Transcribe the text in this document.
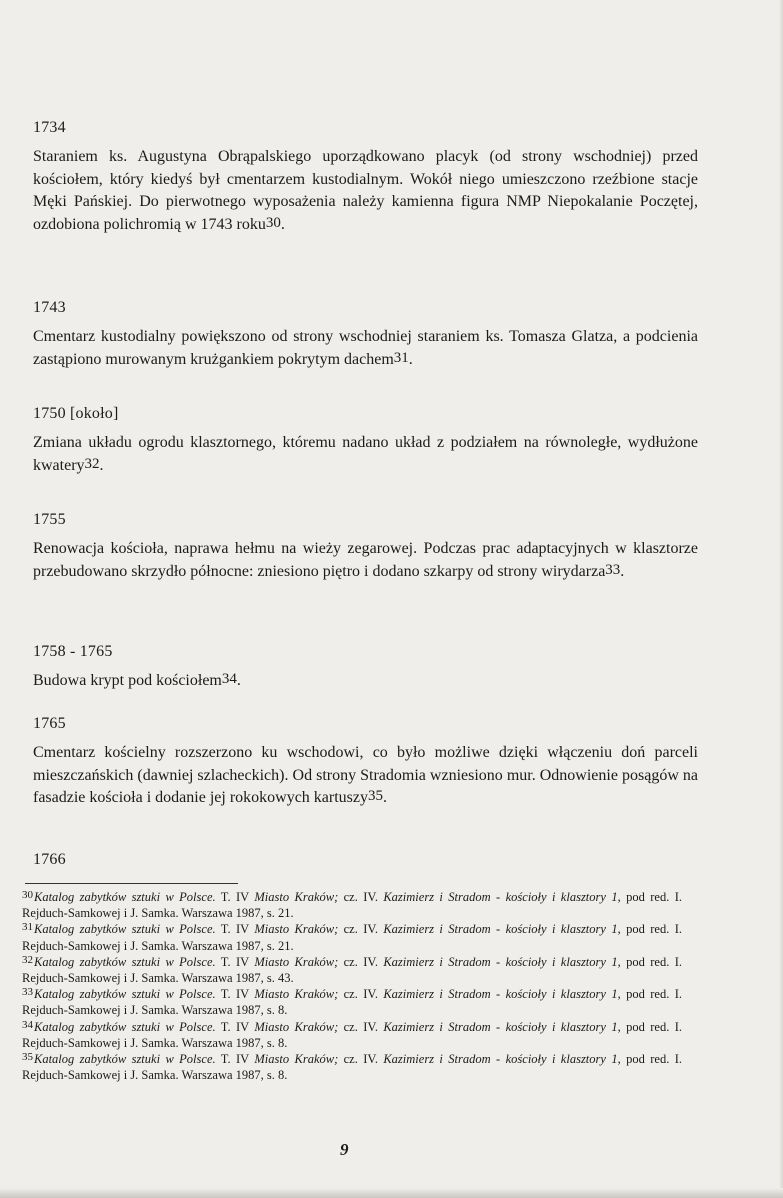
1734

Staraniem ks. Augustyna Obrąpalskiego uporządkowano placyk (od strony wschodniej) przed kościołem, który kiedyś był cmentarzem kustodialnym. Wokół niego umieszczono rzeźbione stacje Męki Pańskiej. Do pierwotnego wyposażenia należy kamienna figura NMP Niepokalanie Poczętej, ozdobiona polichromią w 1743 roku$^{30}$.

1743

Cmentarz kustodialny powiększono od strony wschodniej staraniem ks. Tomasza Glatza, a podcienia zastąpiono murowanym krużgankiem pokrytym dachem$^{31}$.

1750 [około]

Zmiana układu ogrodu klasztornego, któremu nadano układ z podziałem na równoległe, wydłużone kwatery$^{32}$.

1755

Renowacja kościoła, naprawa hełmu na wieży zegarowej. Podczas prac adaptacyjnych w klasztorze przebudowano skrzydło północne: zniesiono piętro i dodano szkarpy od strony wirydarza$^{33}$.

1758 - 1765

Budowa krypt pod kościołem$^{34}$.

1765

Cmentarz kościelny rozszerzono ku wschodowi, co było możliwe dzięki włączeniu doń parceli mieszczańskich (dawniej szlacheckich). Od strony Stradomia wzniesiono mur. Odnowienie posągów na fasadzie kościoła i dodanie jej rokokowych kartuszy$^{35}$.

1766

$^{30}$Katalog zabytków sztuki w Polsce. T. IV Miasto Kraków; cz. IV. Kazimierz i Stradom - kościoły i klasztory 1, pod red. I. Rejduch-Samkowej i J. Samka. Warszawa 1987, s. 21.

$^{31}$Katalog zabytków sztuki w Polsce. T. IV Miasto Kraków; cz. IV. Kazimierz i Stradom - kościoły i klasztory 1, pod red. I. Rejduch-Samkowej i J. Samka. Warszawa 1987, s. 21.

$^{32}$Katalog zabytków sztuki w Polsce. T. IV Miasto Kraków; cz. IV. Kazimierz i Stradom - kościoły i klasztory 1, pod red. I. Rejduch-Samkowej i J. Samka. Warszawa 1987, s. 43.

$^{33}$Katalog zabytków sztuki w Polsce. T. IV Miasto Kraków; cz. IV. Kazimierz i Stradom - kościoły i klasztory 1, pod red. I. Rejduch-Samkowej i J. Samka. Warszawa 1987, s. 8.

$^{34}$Katalog zabytków sztuki w Polsce. T. IV Miasto Kraków; cz. IV. Kazimierz i Stradom - kościoły i klasztory 1, pod red. I. Rejduch-Samkowej i J. Samka. Warszawa 1987, s. 8.

$^{35}$Katalog zabytków sztuki w Polsce. T. IV Miasto Kraków; cz. IV. Kazimierz i Stradom - kościoły i klasztory 1, pod red. I. Rejduch-Samkowej i J. Samka. Warszawa 1987, s. 8.

9
